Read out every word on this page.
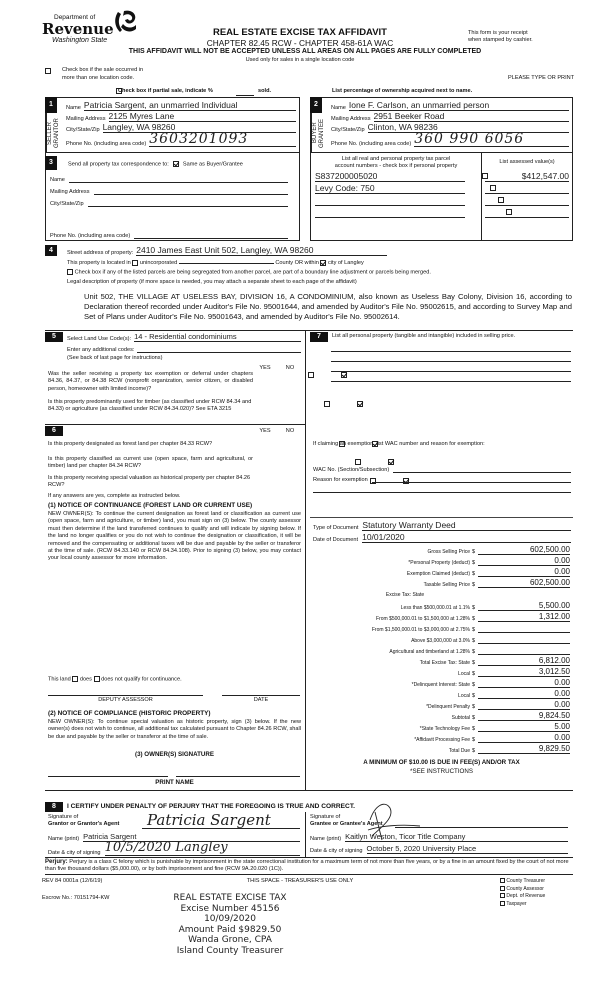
Department of
Revenue
Washington State
REAL ESTATE EXCISE TAX AFFIDAVIT
CHAPTER 82.45 RCW - CHAPTER 458-61A WAC
This form is your receipt
when stamped by cashier.
THIS AFFIDAVIT WILL NOT BE ACCEPTED UNLESS ALL AREAS ON ALL PAGES ARE FULLY COMPLETED
Used only for sales in a single location code

Check box if the sale occurred in
more than one location code.	PLEASE TYPE OR PRINT

Check box if partial sale, indicate %	sold.	List percentage of ownership acquired next to name.
1
SELLER
GRANTOR
Name Patricia Sargent, an unmarried Individual
Mailing Address 2125 Myres Lane
City/State/Zip Langley, WA 98260
Phone No. (including area code) 3603201093
2
BUYER
GRANTEE
Name Ione F. Carlson, an unmarried person
Mailing Address 2951 Beeker Road
City/State/Zip Clinton, WA 98236
Phone No. (including area code) 360 990 6056
3	Send all property tax correspondence to:	Same as Buyer/Grantee
Name
Mailing Address
City/State/Zip
Phone No. (including area code)
List all real and personal property tax parcel
account numbers - check box if personal property
List assessed value(s)
S837200005020
	$412,547.00
Levy Code: 750

4	Street address of property: 2410 James East Unit 502, Langley, WA 98260
This property is located in unincorporated	County OR within city of Langley
Check box if any of the listed parcels are being segregated from another parcel, are part of a boundary line adjustment or parcels being merged.
Legal description of property (if more space is needed, you may attach a separate sheet to each page of the affidavit)
Unit 502, THE VILLAGE AT USELESS BAY, DIVISION 16, A CONDOMINIUM, also known as Useless Bay Colony, Division 16, according to Declaration thereof recorded under Auditor's File No. 95001644, and amended by Auditor's File No. 95002615, and according to Survey Map and Set of Plans under Auditor's File No. 95001643, and amended by Auditor's File No. 95002614.
5	Select Land Use Code(s): 14 - Residential condominiums
Enter any additional codes:
(See back of last page for instructions)
YES	NO
Was the seller receiving a property tax exemption or deferral under chapters 84.36, 84.37, or 84.38 RCW (nonprofit organization, senior citizen, or disabled person, homeowner with limited income)?

Is this property predominantly used for timber (as classified under RCW 84.34 and 84.33) or agriculture (as classified under RCW 84.34.020)? See ETA 3215

6	YES	NO
Is this property designated as forest land per chapter 84.33 RCW?

Is this property classified as current use (open space, farm and agricultural, or timber) land per chapter 84.34 RCW?

Is this property receiving special valuation as historical property per chapter 84.26 RCW?

If any answers are yes, complete as instructed below.
(1) NOTICE OF CONTINUANCE (FOREST LAND OR CURRENT USE)
NEW OWNER(S): To continue the current designation as forest land or classification as current use (open space, farm and agriculture, or timber) land, you must sign on (3) below. The county assessor must then determine if the land transferred continues to qualify and will indicate by signing below. If the land no longer qualifies or you do not wish to continue the designation or classification, it will be removed and the compensating or additional taxes will be due and payable by the seller or transferor at the time of sale. (RCW 84.33.140 or RCW 84.34.108). Prior to signing (3) below, you may contact your local county assessor for more information.
This land does does not qualify for continuance.
DEPUTY ASSESSOR	DATE
(2) NOTICE OF COMPLIANCE (HISTORIC PROPERTY)
NEW OWNER(S): To continue special valuation as historic property, sign (3) below. If the new owner(s) does not wish to continue, all additional tax calculated pursuant to Chapter 84.26 RCW, shall be due and payable by the seller or transferor at the time of sale.
(3) OWNER(S) SIGNATURE
PRINT NAME
7	List all personal property (tangible and intangible) included in selling price.
If claiming an exemption, list WAC number and reason for exemption:
WAC No. (Section/Subsection)
Reason for exemption
Type of Document Statutory Warranty Deed
Date of Document 10/01/2020
Gross Selling Price $	602,500.00
*Personal Property (deduct) $	0.00
Exemption Claimed (deduct) $	0.00
Taxable Selling Price $	602,500.00
Excise Tax: State
Less than $500,000.01 at 1.1% $	5,500.00
From $500,000.01 to $1,500,000 at 1.28% $	1,312.00
From $1,500,000.01 to $3,000,000 at 2.75% $
Above $3,000,000 at 3.0% $
Agricultural and timberland at 1.28% $
Total Excise Tax: State $	6,812.00
Local $	3,012.50
*Delinquent Interest: State $	0.00
Local $	0.00
*Delinquent Penalty $	0.00
Subtotal $	9,824.50
*State Technology Fee $	5.00
*Affidavit Processing Fee $	0.00
Total Due $	9,829.50
A MINIMUM OF $10.00 IS DUE IN FEE(S) AND/OR TAX
*SEE INSTRUCTIONS
8	I CERTIFY UNDER PENALTY OF PERJURY THAT THE FOREGOING IS TRUE AND CORRECT.
Signature of
Grantor or Grantor's Agent	Patricia Sargent
Name (print) Patricia Sargent
Date & city of signing 10/5/2020 Langley
Signature of
Grantee or Grantee's Agent
Name (print) Kaitlyn Weston, Ticor Title Company
Date & city of signing October 5, 2020 University Place
Perjury: Perjury is a class C felony which is punishable by imprisonment in the state correctional institution for a maximum term of not more than five years, or by a fine in an amount fixed by the court of not more than five thousand dollars ($5,000.00), or by both imprisonment and fine (RCW 9A.20.020 (1C)).
REV 84 0001a (12/6/19)	THIS SPACE - TREASURER'S USE ONLY
Escrow No.: 70151794-KW
County Treasurer
County Assessor
Dept. of Revenue
Taxpayer
REAL ESTATE EXCISE TAX
Excise Number 45156
10/09/2020
Amount Paid $9829.50
Wanda Grone, CPA
Island County Treasurer
